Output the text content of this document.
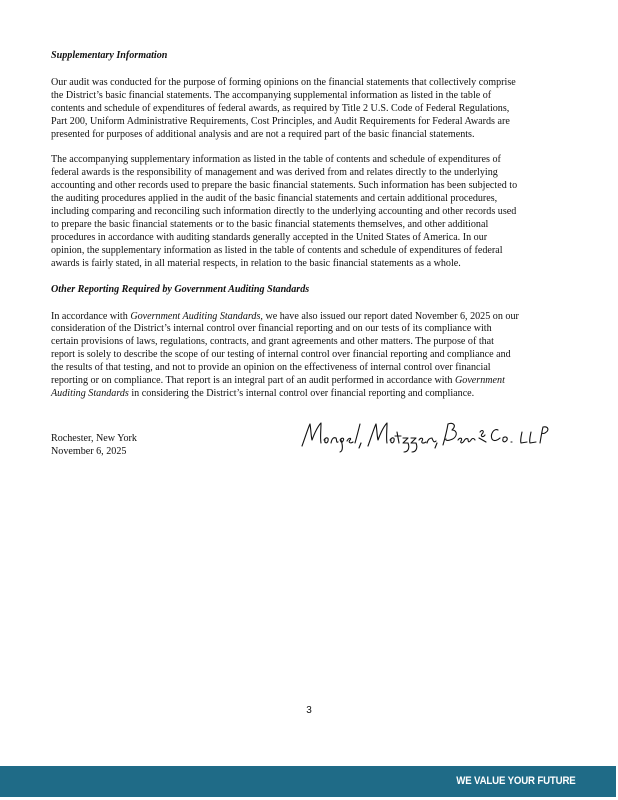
Supplementary Information
Our audit was conducted for the purpose of forming opinions on the financial statements that collectively comprise
the District’s basic financial statements. The accompanying supplemental information as listed in the table of
contents and schedule of expenditures of federal awards, as required by Title 2 U.S. Code of Federal Regulations,
Part 200, Uniform Administrative Requirements, Cost Principles, and Audit Requirements for Federal Awards are
presented for purposes of additional analysis and are not a required part of the basic financial statements.
The accompanying supplementary information as listed in the table of contents and schedule of expenditures of
federal awards is the responsibility of management and was derived from and relates directly to the underlying
accounting and other records used to prepare the basic financial statements. Such information has been subjected to
the auditing procedures applied in the audit of the basic financial statements and certain additional procedures,
including comparing and reconciling such information directly to the underlying accounting and other records used
to prepare the basic financial statements or to the basic financial statements themselves, and other additional
procedures in accordance with auditing standards generally accepted in the United States of America. In our
opinion, the supplementary information as listed in the table of contents and schedule of expenditures of federal
awards is fairly stated, in all material respects, in relation to the basic financial statements as a whole.
Other Reporting Required by Government Auditing Standards
In accordance with Government Auditing Standards, we have also issued our report dated November 6, 2025 on our
consideration of the District’s internal control over financial reporting and on our tests of its compliance with
certain provisions of laws, regulations, contracts, and grant agreements and other matters. The purpose of that
report is solely to describe the scope of our testing of internal control over financial reporting and compliance and
the results of that testing, and not to provide an opinion on the effectiveness of internal control over financial
reporting or on compliance. That report is an integral part of an audit performed in accordance with Government
Auditing Standards in considering the District’s internal control over financial reporting and compliance.
Rochester, New York
November 6, 2025
3
WE VALUE YOUR FUTURE
